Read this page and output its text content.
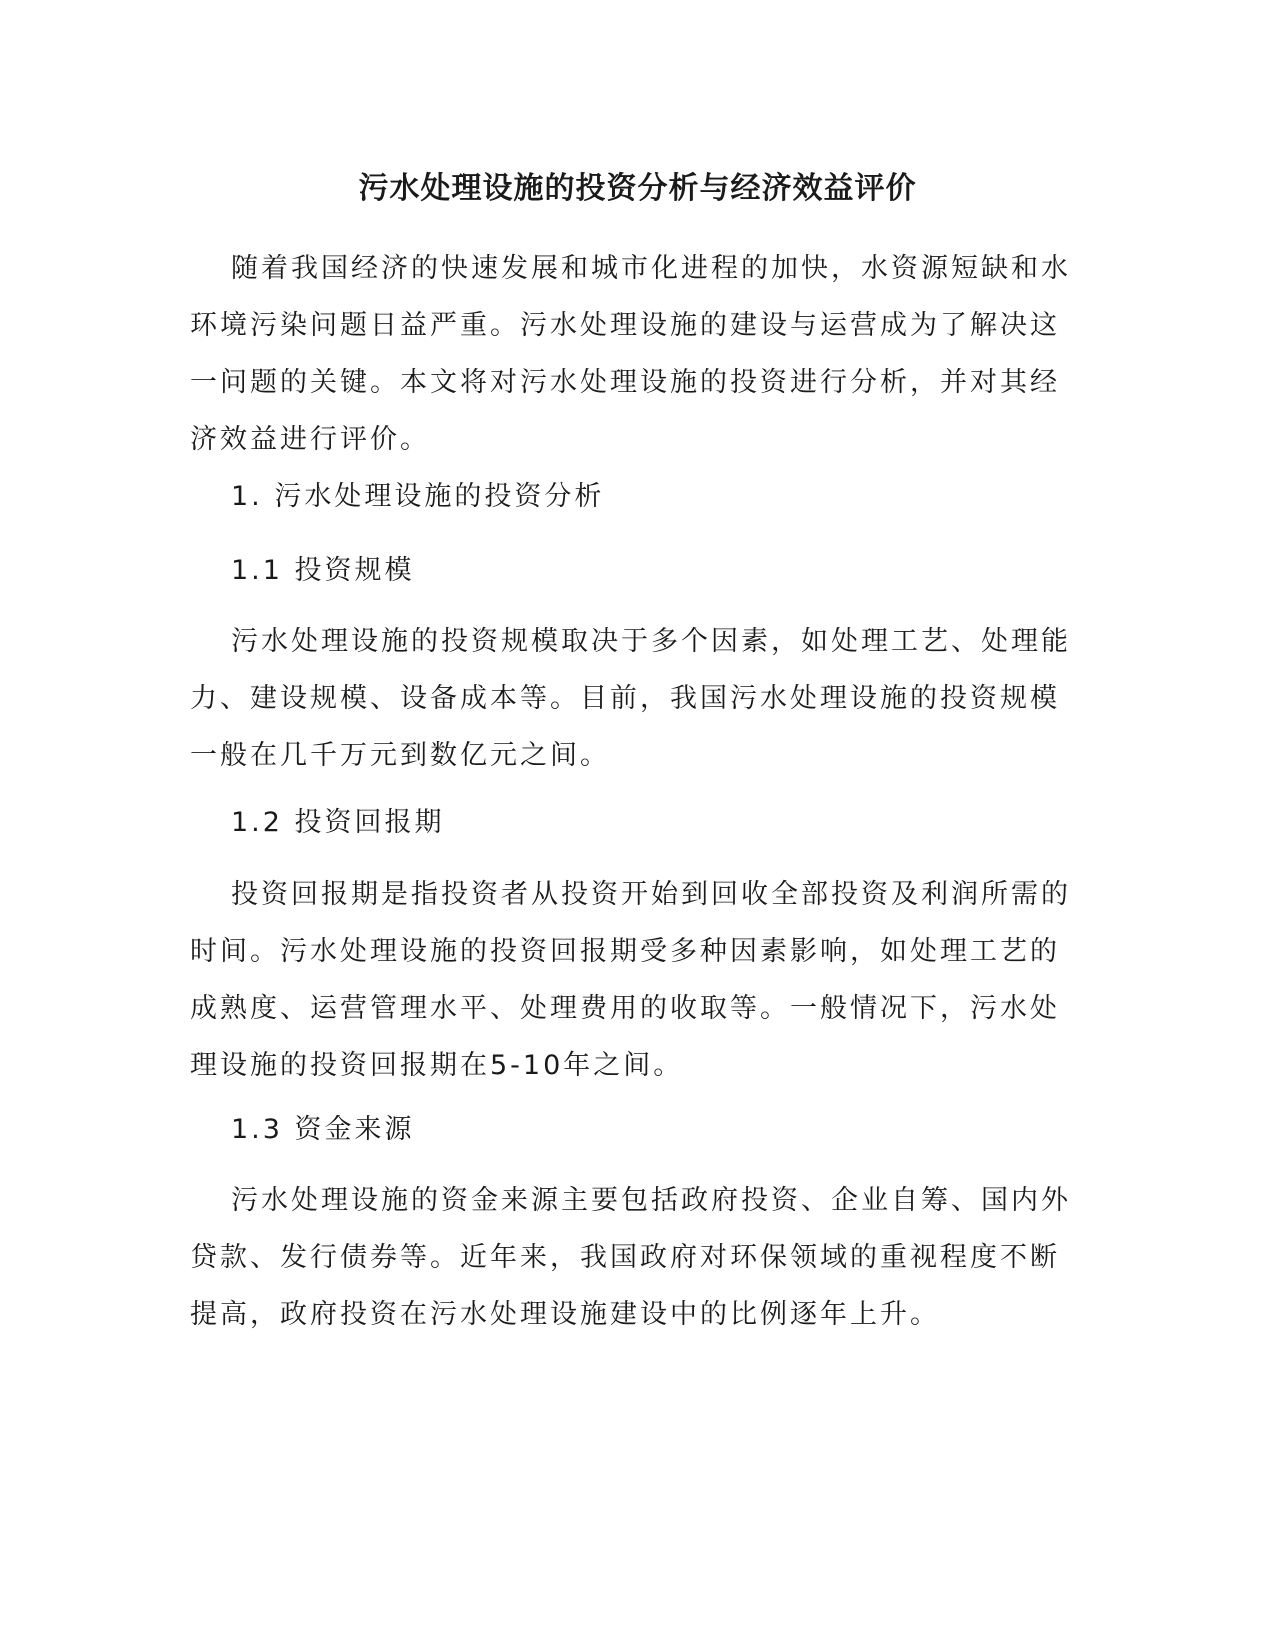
污水处理设施的投资分析与经济效益评价

随着我国经济的快速发展和城市化进程的加快，水资源短缺和水环境污染问题日益严重。污水处理设施的建设与运营成为了解决这一问题的关键。本文将对污水处理设施的投资进行分析，并对其经济效益进行评价。

1. 污水处理设施的投资分析

1.1 投资规模

污水处理设施的投资规模取决于多个因素，如处理工艺、处理能力、建设规模、设备成本等。目前，我国污水处理设施的投资规模一般在几千万元到数亿元之间。

1.2 投资回报期

投资回报期是指投资者从投资开始到回收全部投资及利润所需的时间。污水处理设施的投资回报期受多种因素影响，如处理工艺的成熟度、运营管理水平、处理费用的收取等。一般情况下，污水处理设施的投资回报期在5-10年之间。

1.3 资金来源

污水处理设施的资金来源主要包括政府投资、企业自筹、国内外贷款、发行债券等。近年来，我国政府对环保领域的重视程度不断提高，政府投资在污水处理设施建设中的比例逐年上升。
